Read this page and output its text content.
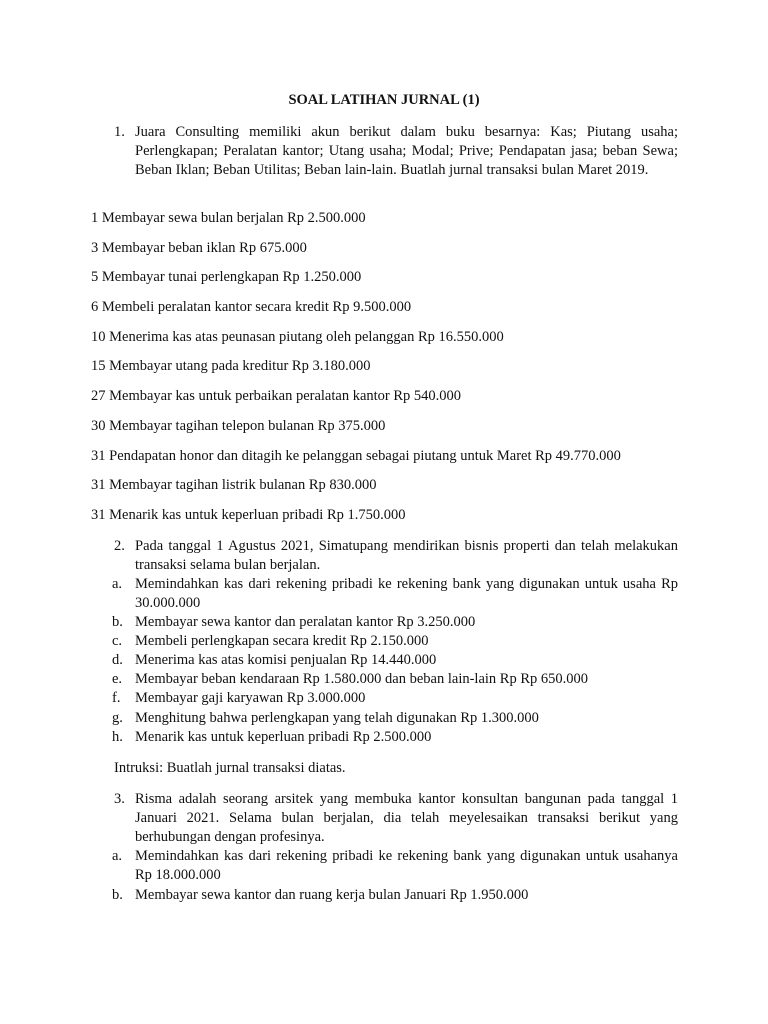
SOAL LATIHAN JURNAL (1)
1. Juara Consulting memiliki akun berikut dalam buku besarnya: Kas; Piutang usaha; Perlengkapan; Peralatan kantor; Utang usaha; Modal; Prive; Pendapatan jasa; beban Sewa; Beban Iklan; Beban Utilitas; Beban lain-lain. Buatlah jurnal transaksi bulan Maret 2019.

1 Membayar sewa bulan berjalan Rp 2.500.000
3 Membayar beban iklan Rp 675.000
5 Membayar tunai perlengkapan Rp 1.250.000
6 Membeli peralatan kantor secara kredit Rp 9.500.000
10 Menerima kas atas peunasan piutang oleh pelanggan Rp 16.550.000
15 Membayar utang pada kreditur Rp 3.180.000
27 Membayar kas untuk perbaikan peralatan kantor Rp 540.000
30 Membayar tagihan telepon bulanan Rp 375.000
31 Pendapatan honor dan ditagih ke pelanggan sebagai piutang untuk Maret Rp 49.770.000
31 Membayar tagihan listrik bulanan Rp 830.000
31 Menarik kas untuk keperluan pribadi Rp 1.750.000
2. Pada tanggal 1 Agustus 2021, Simatupang mendirikan bisnis properti dan telah melakukan transaksi selama bulan berjalan.

a. Memindahkan kas dari rekening pribadi ke rekening bank yang digunakan untuk usaha Rp 30.000.000

b. Membayar sewa kantor dan peralatan kantor Rp 3.250.000

c. Membeli perlengkapan secara kredit Rp 2.150.000

d. Menerima kas atas komisi penjualan Rp 14.440.000

e. Membayar beban kendaraan Rp 1.580.000 dan beban lain-lain Rp Rp 650.000

f. Membayar gaji karyawan Rp 3.000.000

g. Menghitung bahwa perlengkapan yang telah digunakan Rp 1.300.000

h. Menarik kas untuk keperluan pribadi Rp 2.500.000

Intruksi: Buatlah jurnal transaksi diatas.

3. Risma adalah seorang arsitek yang membuka kantor konsultan bangunan pada tanggal 1 Januari 2021. Selama bulan berjalan, dia telah meyelesaikan transaksi berikut yang berhubungan dengan profesinya.

a. Memindahkan kas dari rekening pribadi ke rekening bank yang digunakan untuk usahanya Rp 18.000.000

b. Membayar sewa kantor dan ruang kerja bulan Januari Rp 1.950.000
